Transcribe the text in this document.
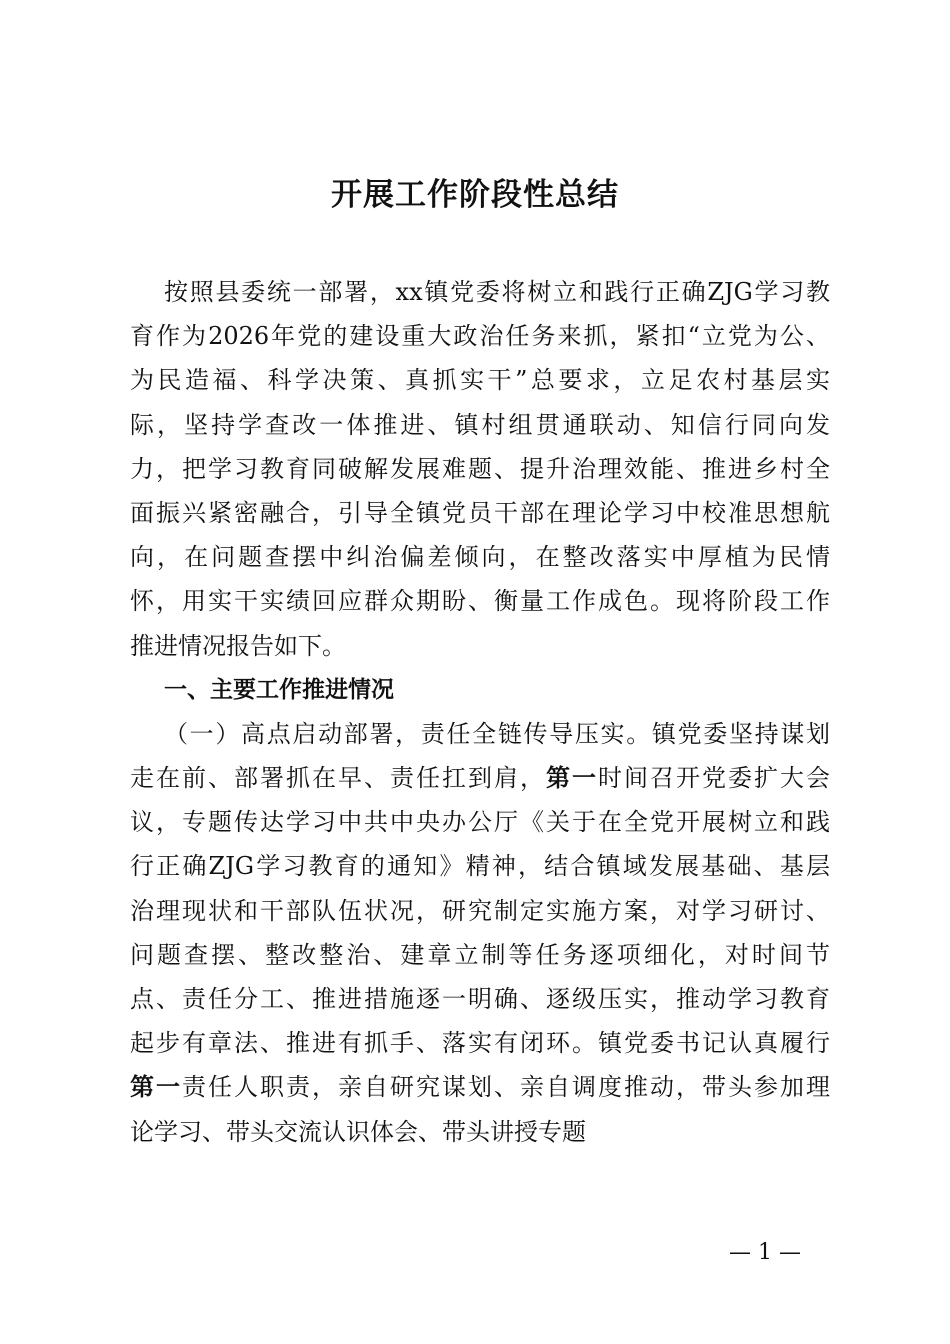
开展工作阶段性总结

按照县委统一部署，xx镇党委将树立和践行正确ZJG学习教

育作为2026年党的建设重大政治任务来抓，紧扣“立党为公、

为民造福、科学决策、真抓实干”总要求，立足农村基层实

际，坚持学查改一体推进、镇村组贯通联动、知信行同向发

力，把学习教育同破解发展难题、提升治理效能、推进乡村全

面振兴紧密融合，引导全镇党员干部在理论学习中校准思想航

向，在问题查摆中纠治偏差倾向，在整改落实中厚植为民情

怀，用实干实绩回应群众期盼、衡量工作成色。现将阶段工作

推进情况报告如下。

一、主要工作推进情况

（一）高点启动部署，责任全链传导压实。镇党委坚持谋划

走在前、部署抓在早、责任扛到肩，第一时间召开党委扩大会

议，专题传达学习中共中央办公厅《关于在全党开展树立和践

行正确ZJG学习教育的通知》精神，结合镇域发展基础、基层

治理现状和干部队伍状况，研究制定实施方案，对学习研讨、

问题查摆、整改整治、建章立制等任务逐项细化，对时间节

点、责任分工、推进措施逐一明确、逐级压实，推动学习教育

起步有章法、推进有抓手、落实有闭环。镇党委书记认真履行

第一责任人职责，亲自研究谋划、亲自调度推动，带头参加理

论学习、带头交流认识体会、带头讲授专题

— 1 —
